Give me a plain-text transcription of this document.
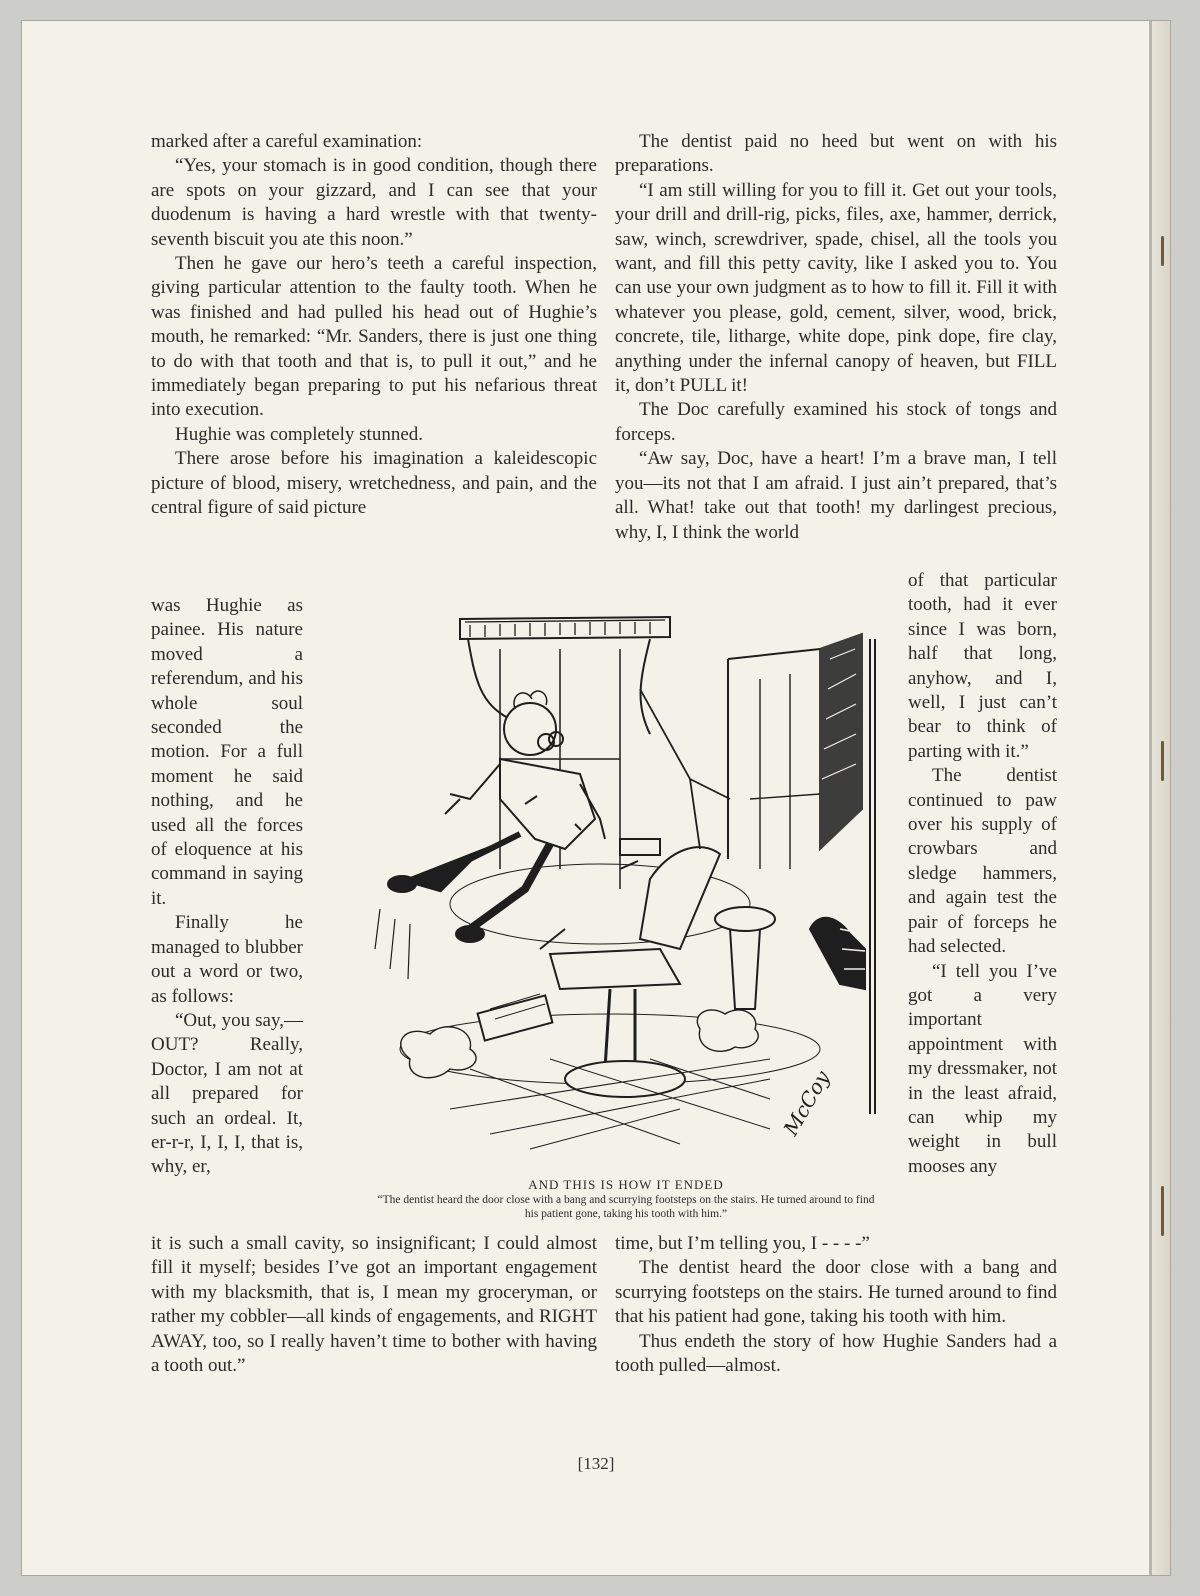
marked after a careful examination:

“Yes, your stomach is in good condition, though there are spots on your gizzard, and I can see that your duodenum is having a hard wrestle with that twenty-seventh biscuit you ate this noon.”

Then he gave our hero’s teeth a careful inspection, giving particular attention to the faulty tooth. When he was finished and had pulled his head out of Hughie’s mouth, he remarked: “Mr. Sanders, there is just one thing to do with that tooth and that is, to pull it out,” and he immediately began preparing to put his nefarious threat into execution.

Hughie was completely stunned.

There arose before his imagination a kaleidescopic picture of blood, misery, wretchedness, and pain, and the central figure of said picture

was Hughie as painee. His nature moved a referendum, and his whole soul seconded the motion. For a full moment he said nothing, and he used all the forces of eloquence at his command in saying it.

Finally he managed to blubber out a word or two, as follows:

“Out, you say,—OUT? Really, Doctor, I am not at all prepared for such an ordeal. It, er-r-r, I, I, I, that is, why, er,

it is such a small cavity, so insignificant; I could almost fill it myself; besides I’ve got an important engagement with my blacksmith, that is, I mean my groceryman, or rather my cobbler—all kinds of engagements, and RIGHT AWAY, too, so I really haven’t time to bother with having a tooth out.”

The dentist paid no heed but went on with his preparations.

“I am still willing for you to fill it. Get out your tools, your drill and drill-rig, picks, files, axe, hammer, derrick, saw, winch, screwdriver, spade, chisel, all the tools you want, and fill this petty cavity, like I asked you to. You can use your own judgment as to how to fill it. Fill it with whatever you please, gold, cement, silver, wood, brick, concrete, tile, litharge, white dope, pink dope, fire clay, anything under the infernal canopy of heaven, but FILL it, don’t PULL it!

The Doc carefully examined his stock of tongs and forceps.

“Aw say, Doc, have a heart! I’m a brave man, I tell you—its not that I am afraid. I just ain’t prepared, that’s all. What! take out that tooth! my darlingest precious, why, I, I think the world

of that particular tooth, had it ever since I was born, half that long, anyhow, and I, well, I just can’t bear to think of parting with it.”

The dentist continued to paw over his supply of crowbars and sledge hammers, and again test the pair of forceps he had selected.

“I tell you I’ve got a very important appointment with my dressmaker, not in the least afraid, can whip my weight in bull mooses any

time, but I’m telling you, I - - - -”

The dentist heard the door close with a bang and scurrying footsteps on the stairs. He turned around to find that his patient had gone, taking his tooth with him.

Thus endeth the story of how Hughie Sanders had a tooth pulled—almost.

McCoy
AND THIS IS HOW IT ENDED
“The dentist heard the door close with a bang and scurrying footsteps on the stairs. He turned around to find his patient gone, taking his tooth with him.”
[132]
